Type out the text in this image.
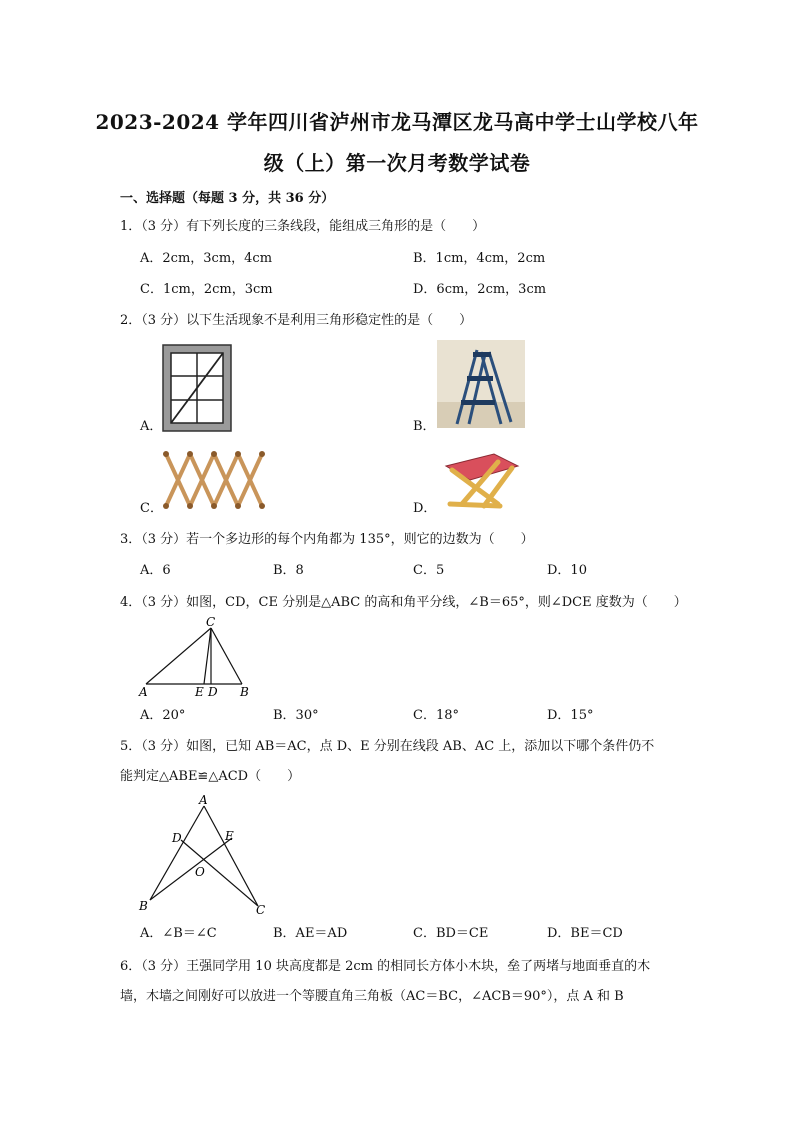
2023-2024 学年四川省泸州市龙马潭区龙马高中学士山学校八年
级（上）第一次月考数学试卷
一、选择题（每题 3 分，共 36 分）
1．（3 分）有下列长度的三条线段，能组成三角形的是（　　）
A．2cm，3cm，4cm	B．1cm，4cm，2cm
C．1cm，2cm，3cm	D．6cm，2cm，3cm
2．（3 分）以下生活现象不是利用三角形稳定性的是（　　）
A．	B．
C．	D．
3．（3 分）若一个多边形的每个内角都为 135°，则它的边数为（　　）
A．6	B．8	C．5	D．10
4．（3 分）如图，CD，CE 分别是△ABC 的高和角平分线，∠B＝65°，则∠DCE 度数为（　　）
C
A	E D B
A．20°	B．30°	C．18°	D．15°
5．（3 分）如图，已知 AB＝AC，点 D、E 分别在线段 AB、AC 上，添加以下哪个条件仍不
能判定△ABE≌△ACD（　　）
A
D	E
O
B	C
A．∠B＝∠C	B．AE＝AD	C．BD＝CE	D．BE＝CD
6．（3 分）王强同学用 10 块高度都是 2cm 的相同长方体小木块，垒了两堵与地面垂直的木
墙，木墙之间刚好可以放进一个等腰直角三角板（AC＝BC，∠ACB＝90°），点 A 和 B
